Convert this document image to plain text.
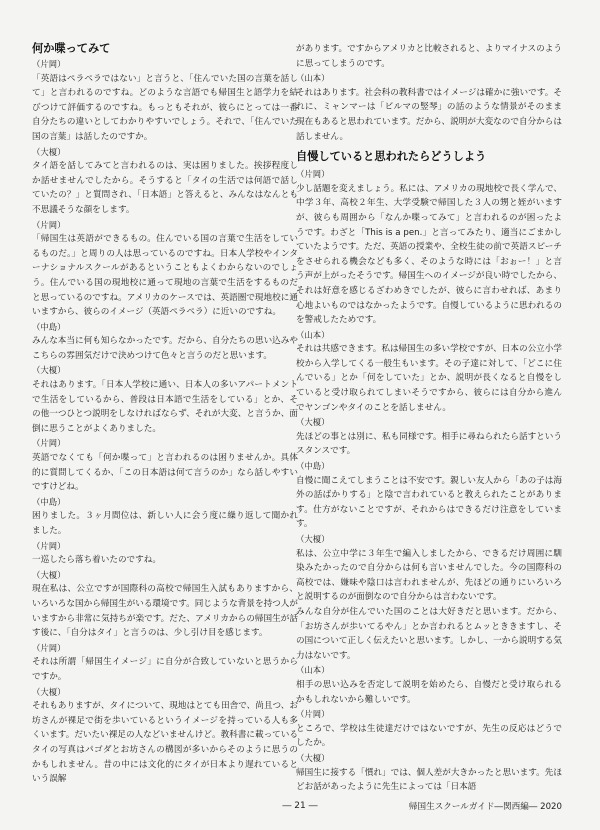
何か喋ってみて
（片岡）
「英語はペラペラではない」と言うと、「住んでいた国の言葉を話して」と言われるのですね。どのような言語でも帰国生と語学力を結びつけて評価するのですね。もっともそれが、彼らにとっては一番自分たちの違いとしてわかりやすいでしょう。それで、「住んでいた国の言葉」は話したのですか。
（大榎）
タイ語を話してみてと言われるのは、実は困りました。挨拶程度しか話せませんでしたから。そうすると「タイの生活では何語で話していたの？」と質問され、「日本語」と答えると、みんなはなんとも不思議そうな顔をします。
（片岡）
「帰国生は英語ができるもの。住んでいる国の言葉で生活をしているものだ。」と周りの人は思っているのですね。日本人学校やインターナショナルスクールがあるということもよくわからないのでしょう。住んでいる国の現地校に通って現地の言葉で生活をするものだと思っているのですね。アメリカのケースでは、英語圏で現地校に通いますから、彼らのイメージ（英語ペラペラ）に近いのですね。
（中島）
みんな本当に何も知らなかったです。だから、自分たちの思い込みやこちらの雰囲気だけで決めつけて色々と言うのだと思います。
（大榎）
それはあります。「日本人学校に通い、日本人の多いアパートメントで生活をしているから、普段は日本語で生活をしている」とか、その他一つひとつ説明をしなければならず、それが大変、と言うか、面倒に思うことがよくありました。
（片岡）
英語でなくても「何か喋って」と言われるのは困りませんか。具体的に質問してくるか、「この日本語は何て言うのか」なら話しやすいですけどね。
（中島）
困りました。３ヶ月間位は、新しい人に会う度に繰り返して聞かれました。
（片岡）
一巡したら落ち着いたのですね。
（大榎）
現在私は、公立ですが国際科の高校で帰国生入試もありますから、いろいろな国から帰国生がいる環境です。同じような背景を持つ人がいますから非常に気持ちが楽です。だた、アメリカからの帰国生が話す後に、「自分はタイ」と言うのは、少し引け目を感じます。
（片岡）
それは所謂「帰国生イメージ」に自分が合致していないと思うからですか。
（大榎）
それもありますが、タイについて、現地はとても田舎で、尚且つ、お坊さんが裸足で街を歩いているというイメージを持っている人も多くいます。だいたい裸足の人などいませんけど。教科書に載っているタイの写真はパゴダとお坊さんの構図が多いからそのように思うのかもしれません。昔の中には文化的にタイが日本より遅れているという誤解
があります。ですからアメリカと比較されると、よりマイナスのように思ってしまうのです。
（山本）
それはあります。社会科の教科書ではイメージは確かに強いです。それに、ミャンマーは「ビルマの竪琴」の話のような情景がそのまま現在もあると思われています。だから、説明が大変なので自分からは話しません。
自慢していると思われたらどうしよう
（片岡）
少し話題を変えましょう。私には、アメリカの現地校で長く学んで、中学３年、高校２年生、大学受験で帰国した３人の甥と姪がいますが、彼らも周囲から「なんか喋ってみて」と言われるのが困ったようです。わざと「This is a pen.」と言ってみたり、適当にごまかしていたようです。ただ、英語の授業や、全校生徒の前で英語スピーチをさせられる機会なども多く、そのような時には「おぉー！」と言う声が上がったそうです。帰国生へのイメージが良い時でしたから、それは好意を感じるざわめきでしたが、彼らに言わせれば、あまり心地よいものではなかったようです。自慢しているように思われるのを警戒したためです。
（山本）
それは共感できます。私は帰国生の多い学校ですが、日本の公立小学校から入学してくる一般生もいます。その子達に対して、「どこに住んでいる」とか「何をしていた」とか、説明が長くなると自慢をしていると受け取られてしまいそうですから、彼らには自分から進んでヤンゴンやタイのことを話しません。
（大榎）
先ほどの事とは別に、私も同様です。相手に尋ねられたら話すというスタンスです。
（中島）
自慢に聞こえてしまうことは不安です。親しい友人から「あの子は海外の話ばかりする」と陰で言われていると教えられたことがあります。仕方がないことですが、それからはできるだけ注意をしています。
（大榎）
私は、公立中学に３年生で編入しましたから、できるだけ周囲に馴染みたかったので自分からは何も言いませんでした。今の国際科の高校では、嫌味や陰口は言われませんが、先ほどの通りにいろいろと説明するのが面倒なので自分からは言わないです。
みんな自分が住んでいた国のことは大好きだと思います。だから、「お坊さんが歩いてるやん」とか言われるとムッとききますし、その国について正しく伝えたいと思います。しかし、一から説明する気力はないです。
（山本）
相手の思い込みを否定して説明を始めたら、自慢だと受け取られるかもしれないから難しいです。
（片岡）
ところで、学校は生徒達だけではないですが、先生の反応はどうでしたか。
（大榎）
帰国生に接する「慣れ」では、個人差が大きかったと思います。先ほどお話があったように先生によっては「日本語
― 21 ―	帰国生スクールガイド―関西編― 2020
